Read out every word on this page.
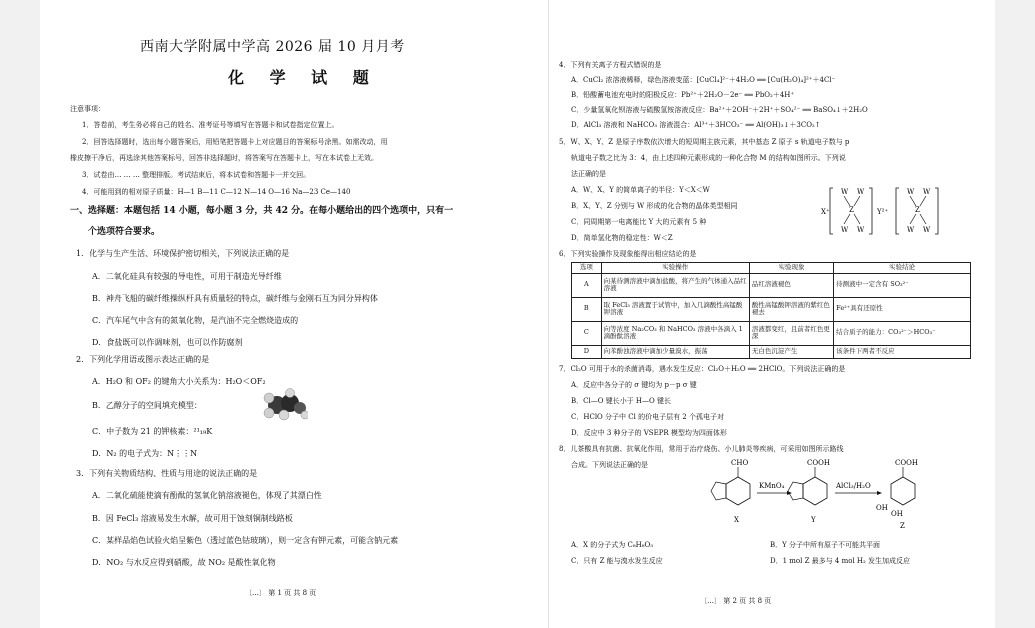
西南大学附属中学高 2026 届 10 月月考
化 学 试 题
注意事项：
1．答卷前，考生务必将自己的姓名、准考证号等填写在答题卡和试卷指定位置上。
2．回答选择题时，选出每小题答案后，用铅笔把答题卡上对应题目的答案标号涂黑。如需改动，用
橡皮擦干净后，再选涂其他答案标号，回答非选择题时，将答案写在答题卡上，写在本试卷上无效。
3．试卷由… … … 整理排版。考试结束后，将本试卷和答题卡一并交回。
4．可能用到的相对原子质量：H—1 B—11 C—12 N—14 O—16 Na—23 Ce—140
一、选择题：本题包括 14 小题，每小题 3 分，共 42 分。在每小题给出的四个选项中，只有一
个选项符合要求。
1．化学与生产生活、环境保护密切相关，下列说法正确的是
A．二氧化硅具有较强的导电性，可用于制造光导纤维
B．神舟飞船的碳纤维操纵杆具有质量轻的特点，碳纤维与金刚石互为同分异构体
C．汽车尾气中含有的氮氧化物，是汽油不完全燃烧造成的
D．食盐既可以作调味剂，也可以作防腐剂
2．下列化学用语或图示表达正确的是
A．H₂O 和 OF₂ 的键角大小关系为：H₂O＜OF₂
B．乙醇分子的空间填充模型：
C．中子数为 21 的钾核素：²¹₁₉K
D．N₂ 的电子式为：N⋮⋮N
3．下列有关物质结构、性质与用途的说法正确的是
A．二氧化硫能使滴有酚酞的氢氧化钠溶液褪色，体现了其漂白性
B．因 FeCl₃ 溶液易发生水解，故可用于蚀刻铜制线路板
C．某样品焰色试验火焰呈紫色（透过蓝色钴玻璃），则一定含有钾元素，可能含钠元素
D．NO₂ 与水反应得到硝酸，故 NO₂ 是酸性氧化物
〔…〕 第 1 页 共 8 页
4．下列有关离子方程式错误的是
A．CuCl₂ 浓溶液稀释，绿色溶液变蓝：[CuCl₄]²⁻＋4H₂O ══ [Cu(H₂O)₄]²⁺＋4Cl⁻
B．铅酸蓄电池充电时的阳极反应：Pb²⁺＋2H₂O－2e⁻ ══ PbO₂＋4H⁺
C．少量氢氧化钡溶液与硫酸氢铵溶液反应：Ba²⁺＋2OH⁻＋2H⁺＋SO₄²⁻ ══ BaSO₄↓＋2H₂O
D．AlCl₃ 溶液和 NaHCO₃ 溶液混合：Al³⁺＋3HCO₃⁻ ══ Al(OH)₃↓＋3CO₂↑
5．W、X、Y、Z 是原子序数依次增大的短周期主族元素，其中基态 Z 原子 s 轨道电子数与 p
轨道电子数之比为 3：4，由上述四种元素形成的一种化合物 M 的结构如图所示。下列说
法正确的是
A．W、X、Y 的简单离子的半径：Y＜X＜W
B．X、Y、Z 分别与 W 形成的化合物的晶体类型相同
C．同周期第一电离能比 Y 大的元素有 5 种
D．简单氢化物的稳定性：W＜Z
X⁺
W W
Z
W W
Y²⁺
W W
Z
W W
6．下列实验操作及现象能得出相应结论的是
选项	实验操作	实验现象	实验结论
A	向某待测溶液中滴加盐酸，将产生的气体通入品红溶液	品红溶液褪色	待测液中一定含有 SO₃²⁻
B	取 FeCl₃ 溶液置于试管中，加入几滴酸性高锰酸钾溶液	酸性高锰酸钾溶液的紫红色褪去	Fe²⁺具有还原性
C	向等浓度 Na₂CO₃ 和 NaHCO₃ 溶液中各滴入 1 滴酚酞溶液	溶液都变红，且前者红色更深	结合质子的能力：CO₃²⁻＞HCO₃⁻
D	向苯酚浊溶液中滴加少量溴水，振荡	无白色沉淀产生	该条件下两者不反应
7．Cl₂O 可用于水的杀菌消毒，遇水发生反应：Cl₂O＋H₂O ══ 2HClO。下列说法正确的是
A．反应中各分子的 σ 键均为 p－p σ 键
B．Cl—O 键长小于 H—O 键长
C．HClO 分子中 Cl 的价电子层有 2 个孤电子对
D．反应中 3 种分子的 VSEPR 模型均为四面体形
8．儿茶酸具有抗菌、抗氧化作用，常用于治疗烧伤、小儿肺炎等疾病，可采用如图所示路线
合成。下列说法正确的是	CHO
X
KMnO₄
COOH
Y
AlCl₃/H₂O
COOH
OH
OH
Z
A．X 的分子式为 C₈H₈O₃	B．Y 分子中所有原子不可能共平面
C．只有 Z 能与溴水发生反应	D．1 mol Z 最多与 4 mol H₂ 发生加成反应
〔…〕 第 2 页 共 8 页
